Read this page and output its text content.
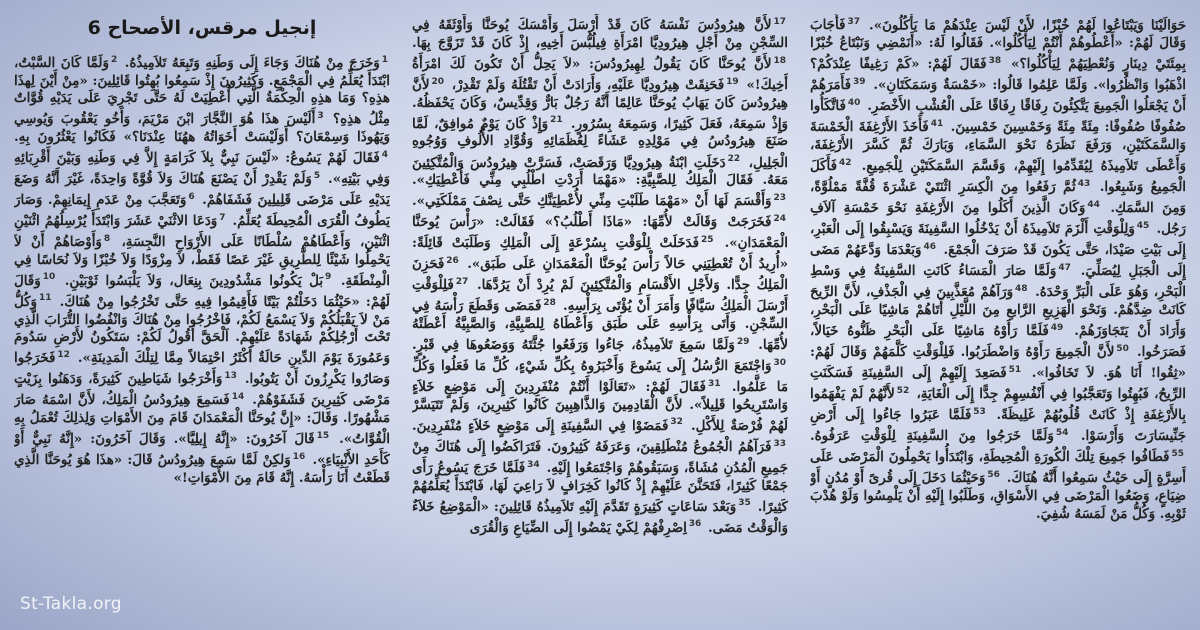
إنجيل مرقس، الأصحاح 6
$^1$وَخَرَجَ مِنْ هُنَاكَ وَجَاءَ إِلَى وَطَنِهِ وَتَبِعَهُ تَلاَمِيذُهُ. $^2$وَلَمَّا كَانَ السَّبْتُ، ابْتَدَأَ يُعَلِّمُ فِي الْمَجْمَعِ. وَكَثِيرُونَ إِذْ سَمِعُوا بُهِتُوا قَائِلِينَ: «مِنْ أَيْنَ لِهذَا هذِهِ؟ وَمَا هذِهِ الْحِكْمَةُ الَّتِي أُعْطِيَتْ لَهُ حَتَّى تَجْرِيَ عَلَى يَدَيْهِ قُوَّاتٌ مِثْلُ هذِهِ؟ $^3$أَلَيْسَ هذَا هُوَ النَّجَّارَ ابْنَ مَرْيَمَ، وَأَخُو يَعْقُوبَ وَيُوسِي وَيَهُوذَا وَسِمْعَانَ؟ أَوَلَيْسَتْ أَخَوَاتُهُ ههُنَا عِنْدَنَا؟» فَكَانُوا يَعْثُرُونَ بِهِ. $^4$فَقَالَ لَهُمْ يَسُوعُ: «لَيْسَ نَبِيٌّ بِلاَ كَرَامَةٍ إِلاَّ فِي وَطَنِهِ وَبَيْنَ أَقْرِبَائِهِ وَفِي بَيْتِهِ». $^5$وَلَمْ يَقْدِرْ أَنْ يَصْنَعَ هُنَاكَ وَلاَ قُوَّةً وَاحِدَةً، غَيْرَ أَنَّهُ وَضَعَ يَدَيْهِ عَلَى مَرْضَى قَلِيلِينَ فَشَفَاهُمْ. $^6$وَتَعَجَّبَ مِنْ عَدَمِ إِيمَانِهِمْ. وَصَارَ يَطُوفُ الْقُرَى الْمُحِيطَةَ يُعَلِّمُ. $^7$وَدَعَا الاثْنَيْ عَشَرَ وَابْتَدَأَ يُرْسِلُهُمُ اثْنَيْنِ اثْنَيْنِ، وَأَعْطَاهُمْ سُلْطَانًا عَلَى الأَرْوَاحِ النَّجِسَةِ، $^8$وَأَوْصَاهُمْ أَنْ لاَ يَحْمِلُوا شَيْئًا لِلطَّرِيقِ غَيْرَ عَصًا فَقَطْ، لاَ مِزْوَدًا وَلاَ خُبْزًا وَلاَ نُحَاسًا فِي الْمِنْطَقَةِ. $^9$بَلْ يَكُونُوا مَشْدُودِينَ بِنِعَال، وَلاَ يَلْبَسُوا ثَوْبَيْنِ. $^{10}$وَقَالَ لَهُمْ: «حَيْثُمَا دَخَلْتُمْ بَيْتًا فَأَقِيمُوا فِيهِ حَتَّى تَخْرُجُوا مِنْ هُنَاكَ. $^{11}$وَكُلُّ مَنْ لاَ يَقْبَلُكُمْ وَلاَ يَسْمَعُ لَكُمْ، فَاخْرُجُوا مِنْ هُنَاكَ وَانْفُضُوا التُّرَابَ الَّذِي تَحْتَ أَرْجُلِكُمْ شَهَادَةً عَلَيْهِمْ. اَلْحَقَّ أَقُولُ لَكُمْ: سَتَكُونُ لأَرْضِ سَدُومَ وَعَمُورَةَ يَوْمَ الدِّينِ حَالَةٌ أَكْثَرُ احْتِمَالاً مِمَّا لِتِلْكَ الْمَدِينَةِ». $^{12}$فَخَرَجُوا وَصَارُوا يَكْرِزُونَ أَنْ يَتُوبُوا. $^{13}$وَأَخْرَجُوا شَيَاطِينَ كَثِيرَةً، وَدَهَنُوا بِزَيْتٍ مَرْضَى كَثِيرِينَ فَشَفَوْهُمْ. $^{14}$فَسَمِعَ هِيرُودُسُ الْمَلِكُ، لأَنَّ اسْمَهُ صَارَ مَشْهُورًا. وَقَالَ: «إِنَّ يُوحَنَّا الْمَعْمَدَانَ قَامَ مِنَ الأَمْوَاتِ وَلِذلِكَ تُعْمَلُ بِهِ الْقُوَّاتُ». $^{15}$قَالَ آخَرُونَ: «إِنَّهُ إِيلِيَّا». وَقَالَ آخَرُونَ: «إِنَّهُ نَبِيٌّ أَوْ كَأَحَدِ الأَنْبِيَاءِ». $^{16}$وَلكِنْ لَمَّا سَمِعَ هِيرُودُسُ قَالَ: «هذَا هُوَ يُوحَنَّا الَّذِي قَطَعْتُ أَنَا رَأْسَهُ. إِنَّهُ قَامَ مِنَ الأَمْوَاتِ!»
$^{17}$لأَنَّ هِيرُودُسَ نَفْسَهُ كَانَ قَدْ أَرْسَلَ وَأَمْسَكَ يُوحَنَّا وَأَوْثَقَهُ فِي السِّجْنِ مِنْ أَجْلِ هِيرُودِيَّا امْرَأَةِ فِيلُبُّسَ أَخِيهِ، إِذْ كَانَ قَدْ تَزَوَّجَ بِهَا. $^{18}$لأَنَّ يُوحَنَّا كَانَ يَقُولُ لِهِيرُودُسَ: «لاَ يَحِلُّ أَنْ تَكُونَ لَكَ امْرَأَةُ أَخِيكَ!» $^{19}$فَحَنِقَتْ هِيرُودِيَّا عَلَيْهِ، وَأَرَادَتْ أَنْ تَقْتُلَهُ وَلَمْ تَقْدِرْ، $^{20}$لأَنَّ هِيرُودُسَ كَانَ يَهَابُ يُوحَنَّا عَالِمًا أَنَّهُ رَجُلٌ بَارٌّ وَقِدِّيسٌ، وَكَانَ يَحْفَظُهُ. وَإِذْ سَمِعَهُ، فَعَلَ كَثِيرًا، وَسَمِعَهُ بِسُرُورٍ. $^{21}$وَإِذْ كَانَ يَوْمٌ مُوافِقٌ، لَمَّا صَنَعَ هِيرُودُسُ فِي مَوْلِدِهِ عَشَاءً لِعُظَمَائِهِ وَقُوَّادِ الأُلُوفِ وَوُجُوهِ الْجَلِيلِ، $^{22}$دَخَلَتِ ابْنَةُ هِيرُودِيَّا وَرَقَصَتْ، فَسَرَّتْ هِيرُودُسَ وَالْمُتَّكِئِينَ مَعَهُ. فَقَالَ الْمَلِكُ لِلصَّبِيَّةِ: «مَهْمَا أَرَدْتِ اطْلُبِي مِنِّي فَأُعْطِيَكِ». $^{23}$وَأَقْسَمَ لَهَا أَنْ «مَهْمَا طَلَبْتِ مِنِّي لأُعْطِيَنَّكِ حَتَّى نِصْفَ مَمْلَكَتِي». $^{24}$فَخَرَجَتْ وَقَالَتْ لأُمِّهَا: «مَاذَا أَطْلُبُ؟» فَقَالَتْ: «رَأْسَ يُوحَنَّا الْمَعْمَدَانِ». $^{25}$فَدَخَلَتْ لِلْوَقْتِ بِسُرْعَةٍ إِلَى الْمَلِكِ وَطَلَبَتْ قَائِلَةً: «أُرِيدُ أَنْ تُعْطِيَنِي حَالاً رَأْسَ يُوحَنَّا الْمَعْمَدَانِ عَلَى طَبَق». $^{26}$فَحَزِنَ الْمَلِكُ جِدًّا. وَلأَجْلِ الأَقْسَامِ وَالْمُتَّكِئِينَ لَمْ يُرِدْ أَنْ يَرُدَّهَا. $^{27}$فَلِلْوَقْتِ أَرْسَلَ الْمَلِكُ سَيَّافًا وَأَمَرَ أَنْ يُؤْتَى بِرَأْسِهِ. $^{28}$فَمَضَى وَقَطَعَ رَأْسَهُ فِي السِّجْنِ. وَأَتَى بِرَأْسِهِ عَلَى طَبَق وَأَعْطَاهُ لِلصَّبِيَّةِ، وَالصَّبِيَّةُ أَعْطَتْهُ لأُمِّهَا. $^{29}$وَلَمَّا سَمِعَ تَلاَمِيذُهُ، جَاءُوا وَرَفَعُوا جُثَّتَهُ وَوَضَعُوهَا فِي قَبْرٍ. $^{30}$وَاجْتَمَعَ الرُّسُلُ إِلَى يَسُوعَ وَأَخْبَرُوهُ بِكُلِّ شَيْءٍ، كُلِّ مَا فَعَلُوا وَكُلِّ مَا عَلَّمُوا. $^{31}$فَقَالَ لَهُمْ: «تَعَالَوْا أَنْتُمْ مُنْفَرِدِينَ إِلَى مَوْضِعٍ خَلاَءٍ وَاسْتَرِيحُوا قَلِيلاً». لأَنَّ الْقَادِمِينَ وَالذَّاهِبِينَ كَانُوا كَثِيرِينَ، وَلَمْ تَتَيَسَّرْ لَهُمْ فُرْصَةٌ لِلأَكْلِ. $^{32}$فَمَضَوْا فِي السَّفِينَةِ إِلَى مَوْضِعٍ خَلاَءٍ مُنْفَرِدِينَ. $^{33}$فَرَآهُمُ الْجُمُوعُ مُنْطَلِقِينَ، وَعَرَفَهُ كَثِيرُونَ. فَتَرَاكَضُوا إِلَى هُنَاكَ مِنْ جَمِيعِ الْمُدُنِ مُشَاةً، وَسَبَقُوهُمْ وَاجْتَمَعُوا إِلَيْهِ. $^{34}$فَلَمَّا خَرَجَ يَسُوعُ رَأَى جَمْعًا كَثِيرًا، فَتَحَنَّنَ عَلَيْهِمْ إِذْ كَانُوا كَخِرَافٍ لاَ رَاعِيَ لَهَا، فَابْتَدَأَ يُعَلِّمُهُمْ كَثِيرًا. $^{35}$وَبَعْدَ سَاعَاتٍ كَثِيرَةٍ تَقَدَّمَ إِلَيْهِ تَلاَمِيذُهُ قَائِلِينَ: «الْمَوْضِعُ خَلاَءٌ وَالْوَقْتُ مَضَى. $^{36}$اِصْرِفْهُمْ لِكَيْ يَمْضُوا إِلَى الضِّيَاعِ وَالْقُرَى
حَوَالَيْنَا وَيَبْتَاعُوا لَهُمْ خُبْزًا، لأَنْ لَيْسَ عِنْدَهُمْ مَا يَأْكُلُونَ». $^{37}$فَأَجَابَ وَقَالَ لَهُمْ: «أَعْطُوهُمْ أَنْتُمْ لِيَأْكُلُوا». فَقَالُوا لَهُ: «أَنَمْضِي وَنَبْتَاعُ خُبْزًا بِمِئَتَيْ دِينَارٍ وَنُعْطِيَهُمْ لِيَأْكُلُوا؟» $^{38}$فَقَالَ لَهُمْ: «كَمْ رَغِيفًا عِنْدَكُمْ؟ اذْهَبُوا وَانْظُرُوا». وَلَمَّا عَلِمُوا قَالُوا: «خَمْسَةٌ وَسَمَكَتَانِ». $^{39}$فَأَمَرَهُمْ أَنْ يَجْعَلُوا الْجَمِيعَ يَتَّكِئُونَ رِفَاقًا رِفَاقًا عَلَى الْعُشْبِ الأَخْضَرِ. $^{40}$فَاتَّكَأُوا صُفُوفًا صُفُوفًا: مِئَةً مِئَةً وَخَمْسِينَ خَمْسِينَ. $^{41}$فَأَخَذَ الأَرْغِفَةَ الْخَمْسَةَ وَالسَّمَكَتَيْنِ، وَرَفَعَ نَظَرَهُ نَحْوَ السَّمَاءِ، وَبَارَكَ ثُمَّ كَسَّرَ الأَرْغِفَةَ، وَأَعْطَى تَلاَمِيذَهُ لِيُقَدِّمُوا إِلَيْهِمْ، وَقَسَّمَ السَّمَكَتَيْنِ لِلْجَمِيعِ. $^{42}$فَأَكَلَ الْجَمِيعُ وَشَبِعُوا. $^{43}$ثُمَّ رَفَعُوا مِنَ الْكِسَرِ اثْنَتَيْ عَشْرَةَ قُفَّةً مَمْلُوَّةً، وَمِنَ السَّمَكِ. $^{44}$وَكَانَ الَّذِينَ أَكَلُوا مِنَ الأَرْغِفَةِ نَحْوَ خَمْسَةِ آلاَفِ رَجُل. $^{45}$وَلِلْوَقْتِ أَلْزَمَ تَلاَمِيذَهُ أَنْ يَدْخُلُوا السَّفِينَةَ وَيَسْبِقُوا إِلَى الْعَبْرِ، إِلَى بَيْتِ صَيْدَا، حَتَّى يَكُونَ قَدْ صَرَفَ الْجَمْعَ. $^{46}$وَبَعْدَمَا وَدَّعَهُمْ مَضَى إِلَى الْجَبَلِ لِيُصَلِّيَ. $^{47}$وَلَمَّا صَارَ الْمَسَاءُ كَانَتِ السَّفِينَةُ فِي وَسْطِ الْبَحْرِ، وَهُوَ عَلَى الْبَرِّ وَحْدَهُ. $^{48}$وَرَآهُمْ مُعَذَّبِينَ فِي الْجَذْفِ، لأَنَّ الرِّيحَ كَانَتْ ضِدَّهُمْ. وَنَحْوَ الْهَزِيعِ الرَّابعِ مِنَ اللَّيْلِ أَتَاهُمْ مَاشِيًا عَلَى الْبَحْرِ، وَأَرَادَ أَنْ يَتَجَاوَزَهُمْ. $^{49}$فَلَمَّا رَأَوْهُ مَاشِيًا عَلَى الْبَحْرِ ظَنُّوهُ خَيَالاً، فَصَرَخُوا. $^{50}$لأَنَّ الْجَمِيعَ رَأَوْهُ وَاضْطَرَبُوا. فَلِلْوَقْتِ كَلَّمَهُمْ وَقَالَ لَهُمْ: «ثِقُوا! أَنَا هُوَ. لاَ تَخَافُوا». $^{51}$فَصَعِدَ إِلَيْهِمْ إِلَى السَّفِينَةِ فَسَكَنَتِ الرِّيحُ، فَبُهِتُوا وَتَعَجَّبُوا فِي أَنْفُسِهِمْ جِدًّا إِلَى الْغَايَةِ، $^{52}$لأَنَّهُمْ لَمْ يَفْهَمُوا بِالأَرْغِفَةِ إِذْ كَانَتْ قُلُوبُهُمْ غَلِيظَةً. $^{53}$فَلَمَّا عَبَرُوا جَاءُوا إِلَى أَرْضِ جَنِّيسَارَتَ وَأَرْسَوْا. $^{54}$وَلَمَّا خَرَجُوا مِنَ السَّفِينَةِ لِلْوَقْتِ عَرَفُوهُ. $^{55}$فَطَافُوا جَمِيعَ تِلْكَ الْكُورَةِ الْمُحِيطَةِ، وَابْتَدَأُوا يَحْمِلُونَ الْمَرْضَى عَلَى أَسِرَّةٍ إِلَى حَيْثُ سَمِعُوا أَنَّهُ هُنَاكَ. $^{56}$وَحَيْثُمَا دَخَلَ إِلَى قُرىً أَوْ مُدُنٍ أَوْ ضِيَاعٍ، وَضَعُوا الْمَرْضَى فِي الأَسْوَاقِ، وَطَلَبُوا إِلَيْهِ أَنْ يَلْمِسُوا وَلَوْ هُدْبَ ثَوْبِهِ. وَكُلُّ مَنْ لَمَسَهُ شُفِيَ.
St-Takla.org
